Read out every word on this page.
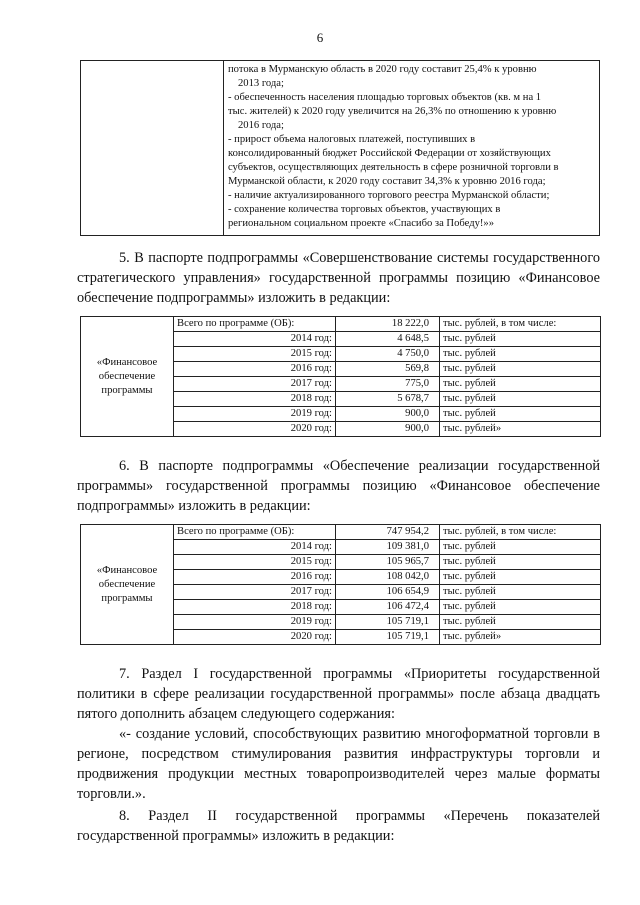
6

потока в Мурманскую область в 2020 году составит 25,4% к уровню
2013 года;
- обеспеченность населения площадью торговых объектов (кв. м на 1
тыс. жителей) к 2020 году увеличится на 26,3% по отношению к уровню
2016 года;
- прирост объема налоговых платежей, поступивших в
консолидированный бюджет Российской Федерации от хозяйствующих
субъектов, осуществляющих деятельность в сфере розничной торговли в
Мурманской области, к 2020 году составит 34,3% к уровню 2016 года;
- наличие актуализированного торгового реестра Мурманской области;
- сохранение количества торговых объектов, участвующих в
региональном социальном проекте «Спасибо за Победу!»»

5. В паспорте подпрограммы «Совершенствование системы государственного стратегического управления» государственной программы позицию «Финансовое обеспечение подпрограммы» изложить в редакции:

«Финансовое обеспечение программы	Всего по программе (ОБ):	18 222,0	тыс. рублей, в том числе:
	2014 год:	4 648,5	тыс. рублей
	2015 год:	4 750,0	тыс. рублей
	2016 год:	569,8	тыс. рублей
	2017 год:	775,0	тыс. рублей
	2018 год:	5 678,7	тыс. рублей
	2019 год:	900,0	тыс. рублей
	2020 год:	900,0	тыс. рублей»

6. В паспорте подпрограммы «Обеспечение реализации государственной программы» государственной программы позицию «Финансовое обеспечение подпрограммы» изложить в редакции:

«Финансовое обеспечение программы	Всего по программе (ОБ):	747 954,2	тыс. рублей, в том числе:
	2014 год:	109 381,0	тыс. рублей
	2015 год:	105 965,7	тыс. рублей
	2016 год:	108 042,0	тыс. рублей
	2017 год:	106 654,9	тыс. рублей
	2018 год:	106 472,4	тыс. рублей
	2019 год:	105 719,1	тыс. рублей
	2020 год:	105 719,1	тыс. рублей»

7. Раздел I государственной программы «Приоритеты государственной политики в сфере реализации государственной программы» после абзаца двадцать пятого дополнить абзацем следующего содержания:

«- создание условий, способствующих развитию многоформатной торговли в регионе, посредством стимулирования развития инфраструктуры торговли и продвижения продукции местных товаропроизводителей через малые форматы торговли.».

8. Раздел II государственной программы «Перечень показателей государственной программы» изложить в редакции:
